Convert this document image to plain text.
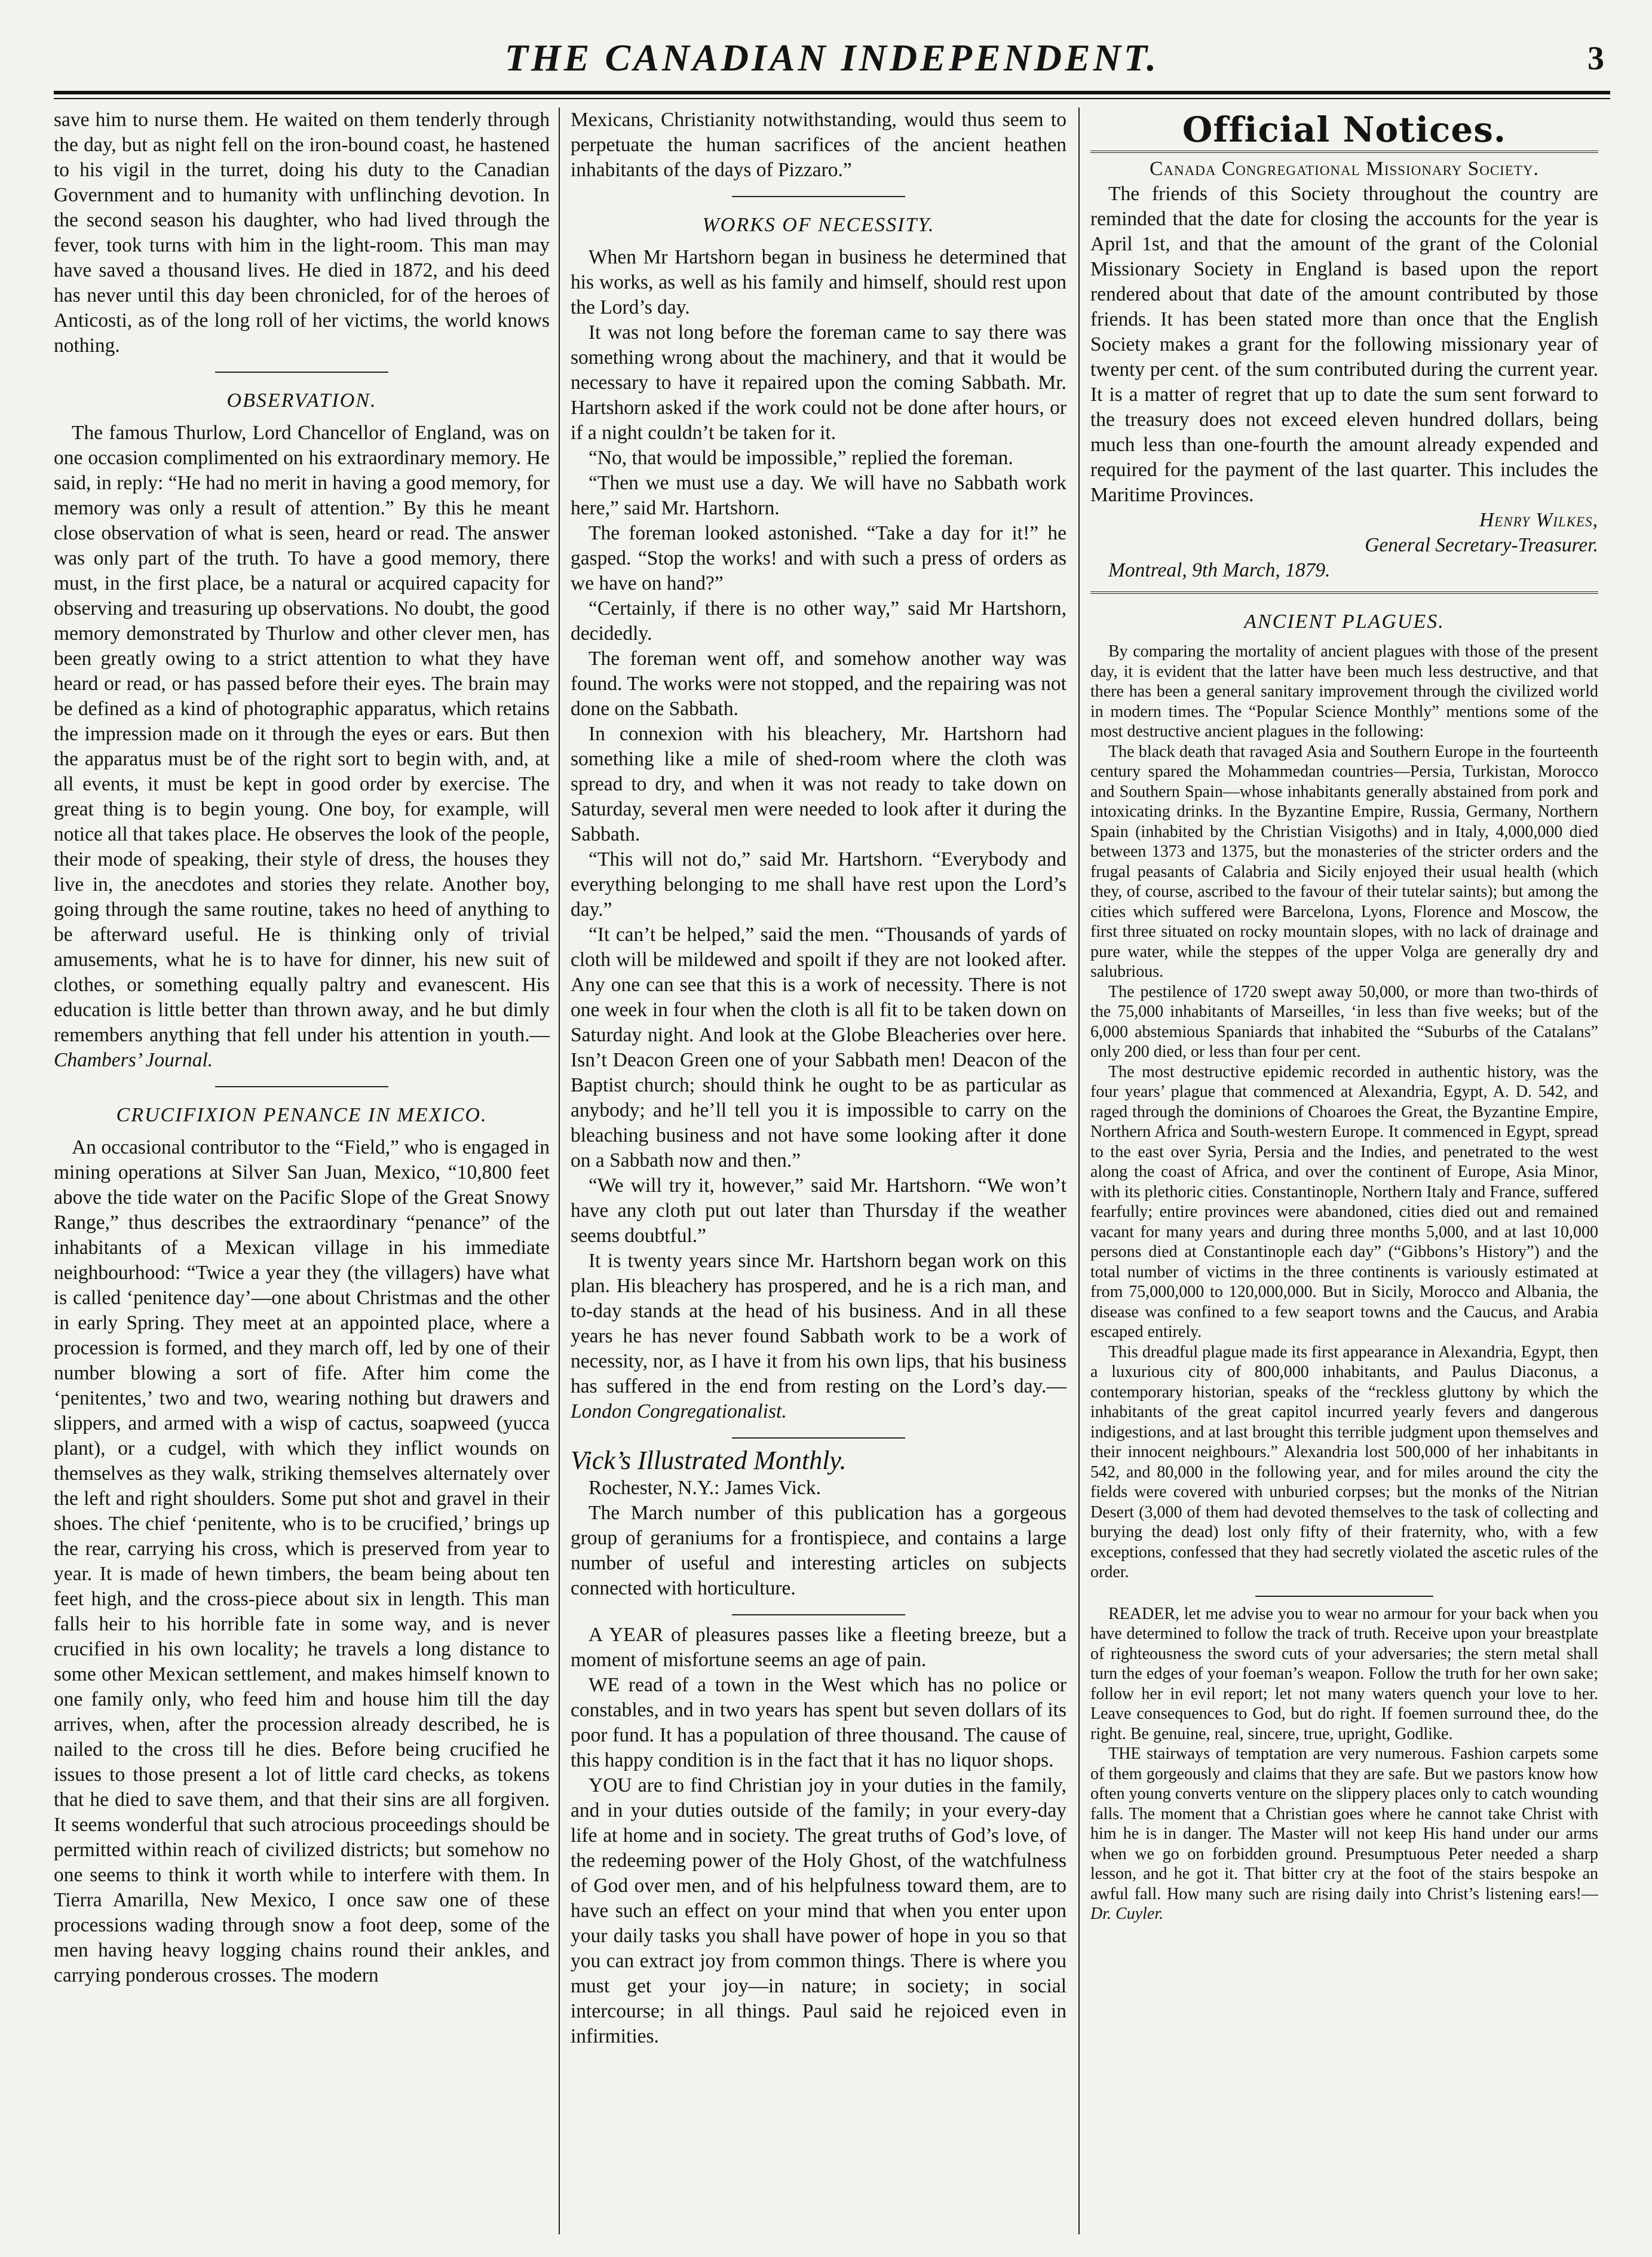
THE CANADIAN INDEPENDENT.	3

save him to nurse them. He waited on them tenderly through the day, but as night fell on the iron-bound coast, he hastened to his vigil in the turret, doing his duty to the Canadian Government and to humanity with unflinching devotion. In the second season his daughter, who had lived through the fever, took turns with him in the light-room. This man may have saved a thousand lives. He died in 1872, and his deed has never until this day been chronicled, for of the heroes of Anticosti, as of the long roll of her victims, the world knows nothing.

OBSERVATION.

The famous Thurlow, Lord Chancellor of England, was on one occasion complimented on his extraordinary memory. He said, in reply: “He had no merit in having a good memory, for memory was only a result of attention.” By this he meant close observation of what is seen, heard or read. The answer was only part of the truth. To have a good memory, there must, in the first place, be a natural or acquired capacity for observing and treasuring up observations. No doubt, the good memory demonstrated by Thurlow and other clever men, has been greatly owing to a strict attention to what they have heard or read, or has passed before their eyes. The brain may be defined as a kind of photographic apparatus, which retains the impression made on it through the eyes or ears. But then the apparatus must be of the right sort to begin with, and, at all events, it must be kept in good order by exercise. The great thing is to begin young. One boy, for example, will notice all that takes place. He observes the look of the people, their mode of speaking, their style of dress, the houses they live in, the anecdotes and stories they relate. Another boy, going through the same routine, takes no heed of anything to be afterward useful. He is thinking only of trivial amusements, what he is to have for dinner, his new suit of clothes, or something equally paltry and evanescent. His education is little better than thrown away, and he but dimly remembers anything that fell under his attention in youth.—Chambers’ Journal.

CRUCIFIXION PENANCE IN MEXICO.

An occasional contributor to the “Field,” who is engaged in mining operations at Silver San Juan, Mexico, “10,800 feet above the tide water on the Pacific Slope of the Great Snowy Range,” thus describes the extraordinary “penance” of the inhabitants of a Mexican village in his immediate neighbourhood: “Twice a year they (the villagers) have what is called ‘penitence day’—one about Christmas and the other in early Spring. They meet at an appointed place, where a procession is formed, and they march off, led by one of their number blowing a sort of fife. After him come the ‘penitentes,’ two and two, wearing nothing but drawers and slippers, and armed with a wisp of cactus, soapweed (yucca plant), or a cudgel, with which they inflict wounds on themselves as they walk, striking themselves alternately over the left and right shoulders. Some put shot and gravel in their shoes. The chief ‘penitente, who is to be crucified,’ brings up the rear, carrying his cross, which is preserved from year to year. It is made of hewn timbers, the beam being about ten feet high, and the cross-piece about six in length. This man falls heir to his horrible fate in some way, and is never crucified in his own locality; he travels a long distance to some other Mexican settlement, and makes himself known to one family only, who feed him and house him till the day arrives, when, after the procession already described, he is nailed to the cross till he dies. Before being crucified he issues to those present a lot of little card checks, as tokens that he died to save them, and that their sins are all forgiven. It seems wonderful that such atrocious proceedings should be permitted within reach of civilized districts; but somehow no one seems to think it worth while to interfere with them. In Tierra Amarilla, New Mexico, I once saw one of these processions wading through snow a foot deep, some of the men having heavy logging chains round their ankles, and carrying ponderous crosses. The modern

Mexicans, Christianity notwithstanding, would thus seem to perpetuate the human sacrifices of the ancient heathen inhabitants of the days of Pizzaro.”

WORKS OF NECESSITY.

When Mr Hartshorn began in business he determined that his works, as well as his family and himself, should rest upon the Lord’s day.

It was not long before the foreman came to say there was something wrong about the machinery, and that it would be necessary to have it repaired upon the coming Sabbath. Mr. Hartshorn asked if the work could not be done after hours, or if a night couldn’t be taken for it.

“No, that would be impossible,” replied the foreman.

“Then we must use a day. We will have no Sabbath work here,” said Mr. Hartshorn.

The foreman looked astonished. “Take a day for it!” he gasped. “Stop the works! and with such a press of orders as we have on hand?”

“Certainly, if there is no other way,” said Mr Hartshorn, decidedly.

The foreman went off, and somehow another way was found. The works were not stopped, and the repairing was not done on the Sabbath.

In connexion with his bleachery, Mr. Hartshorn had something like a mile of shed-room where the cloth was spread to dry, and when it was not ready to take down on Saturday, several men were needed to look after it during the Sabbath.

“This will not do,” said Mr. Hartshorn. “Everybody and everything belonging to me shall have rest upon the Lord’s day.”

“It can’t be helped,” said the men. “Thousands of yards of cloth will be mildewed and spoilt if they are not looked after. Any one can see that this is a work of necessity. There is not one week in four when the cloth is all fit to be taken down on Saturday night. And look at the Globe Bleacheries over here. Isn’t Deacon Green one of your Sabbath men! Deacon of the Baptist church; should think he ought to be as particular as anybody; and he’ll tell you it is impossible to carry on the bleaching business and not have some looking after it done on a Sabbath now and then.”

“We will try it, however,” said Mr. Hartshorn. “We won’t have any cloth put out later than Thursday if the weather seems doubtful.”

It is twenty years since Mr. Hartshorn began work on this plan. His bleachery has prospered, and he is a rich man, and to-day stands at the head of his business. And in all these years he has never found Sabbath work to be a work of necessity, nor, as I have it from his own lips, that his business has suffered in the end from resting on the Lord’s day.—London Congregationalist.

Vick’s Illustrated Monthly.

Rochester, N.Y.: James Vick.

The March number of this publication has a gorgeous group of geraniums for a frontispiece, and contains a large number of useful and interesting articles on subjects connected with horticulture.

A YEAR of pleasures passes like a fleeting breeze, but a moment of misfortune seems an age of pain.

WE read of a town in the West which has no police or constables, and in two years has spent but seven dollars of its poor fund. It has a population of three thousand. The cause of this happy condition is in the fact that it has no liquor shops.

YOU are to find Christian joy in your duties in the family, and in your duties outside of the family; in your every-day life at home and in society. The great truths of God’s love, of the redeeming power of the Holy Ghost, of the watchfulness of God over men, and of his helpfulness toward them, are to have such an effect on your mind that when you enter upon your daily tasks you shall have power of hope in you so that you can extract joy from common things. There is where you must get your joy—in nature; in society; in social intercourse; in all things. Paul said he rejoiced even in infirmities.

Official Notices.

Canada Congregational Missionary Society.

The friends of this Society throughout the country are reminded that the date for closing the accounts for the year is April 1st, and that the amount of the grant of the Colonial Missionary Society in England is based upon the report rendered about that date of the amount contributed by those friends. It has been stated more than once that the English Society makes a grant for the following missionary year of twenty per cent. of the sum contributed during the current year. It is a matter of regret that up to date the sum sent forward to the treasury does not exceed eleven hundred dollars, being much less than one-fourth the amount already expended and required for the payment of the last quarter. This includes the Maritime Provinces.

Henry Wilkes,

General Secretary-Treasurer.

Montreal, 9th March, 1879.

ANCIENT PLAGUES.

By comparing the mortality of ancient plagues with those of the present day, it is evident that the latter have been much less destructive, and that there has been a general sanitary improvement through the civilized world in modern times. The “Popular Science Monthly” mentions some of the most destructive ancient plagues in the following:

The black death that ravaged Asia and Southern Europe in the fourteenth century spared the Mohammedan countries—Persia, Turkistan, Morocco and Southern Spain—whose inhabitants generally abstained from pork and intoxicating drinks. In the Byzantine Empire, Russia, Germany, Northern Spain (inhabited by the Christian Visigoths) and in Italy, 4,000,000 died between 1373 and 1375, but the monasteries of the stricter orders and the frugal peasants of Calabria and Sicily enjoyed their usual health (which they, of course, ascribed to the favour of their tutelar saints); but among the cities which suffered were Barcelona, Lyons, Florence and Moscow, the first three situated on rocky mountain slopes, with no lack of drainage and pure water, while the steppes of the upper Volga are generally dry and salubrious.

The pestilence of 1720 swept away 50,000, or more than two-thirds of the 75,000 inhabitants of Marseilles, ‘in less than five weeks; but of the 6,000 abstemious Spaniards that inhabited the “Suburbs of the Catalans” only 200 died, or less than four per cent.

The most destructive epidemic recorded in authentic history, was the four years’ plague that commenced at Alexandria, Egypt, A. D. 542, and raged through the dominions of Choaroes the Great, the Byzantine Empire, Northern Africa and South-western Europe. It commenced in Egypt, spread to the east over Syria, Persia and the Indies, and penetrated to the west along the coast of Africa, and over the continent of Europe, Asia Minor, with its plethoric cities. Constantinople, Northern Italy and France, suffered fearfully; entire provinces were abandoned, cities died out and remained vacant for many years and during three months 5,000, and at last 10,000 persons died at Constantinople each day” (“Gibbons’s History”) and the total number of victims in the three continents is variously estimated at from 75,000,000 to 120,000,000. But in Sicily, Morocco and Albania, the disease was confined to a few seaport towns and the Caucus, and Arabia escaped entirely.

This dreadful plague made its first appearance in Alexandria, Egypt, then a luxurious city of 800,000 inhabitants, and Paulus Diaconus, a contemporary historian, speaks of the “reckless gluttony by which the inhabitants of the great capitol incurred yearly fevers and dangerous indigestions, and at last brought this terrible judgment upon themselves and their innocent neighbours.” Alexandria lost 500,000 of her inhabitants in 542, and 80,000 in the following year, and for miles around the city the fields were covered with unburied corpses; but the monks of the Nitrian Desert (3,000 of them had devoted themselves to the task of collecting and burying the dead) lost only fifty of their fraternity, who, with a few exceptions, confessed that they had secretly violated the ascetic rules of the order.

READER, let me advise you to wear no armour for your back when you have determined to follow the track of truth. Receive upon your breastplate of righteousness the sword cuts of your adversaries; the stern metal shall turn the edges of your foeman’s weapon. Follow the truth for her own sake; follow her in evil report; let not many waters quench your love to her. Leave consequences to God, but do right. If foemen surround thee, do the right. Be genuine, real, sincere, true, upright, Godlike.

THE stairways of temptation are very numerous. Fashion carpets some of them gorgeously and claims that they are safe. But we pastors know how often young converts venture on the slippery places only to catch wounding falls. The moment that a Christian goes where he cannot take Christ with him he is in danger. The Master will not keep His hand under our arms when we go on forbidden ground. Presumptuous Peter needed a sharp lesson, and he got it. That bitter cry at the foot of the stairs bespoke an awful fall. How many such are rising daily into Christ’s listening ears!—Dr. Cuyler.
